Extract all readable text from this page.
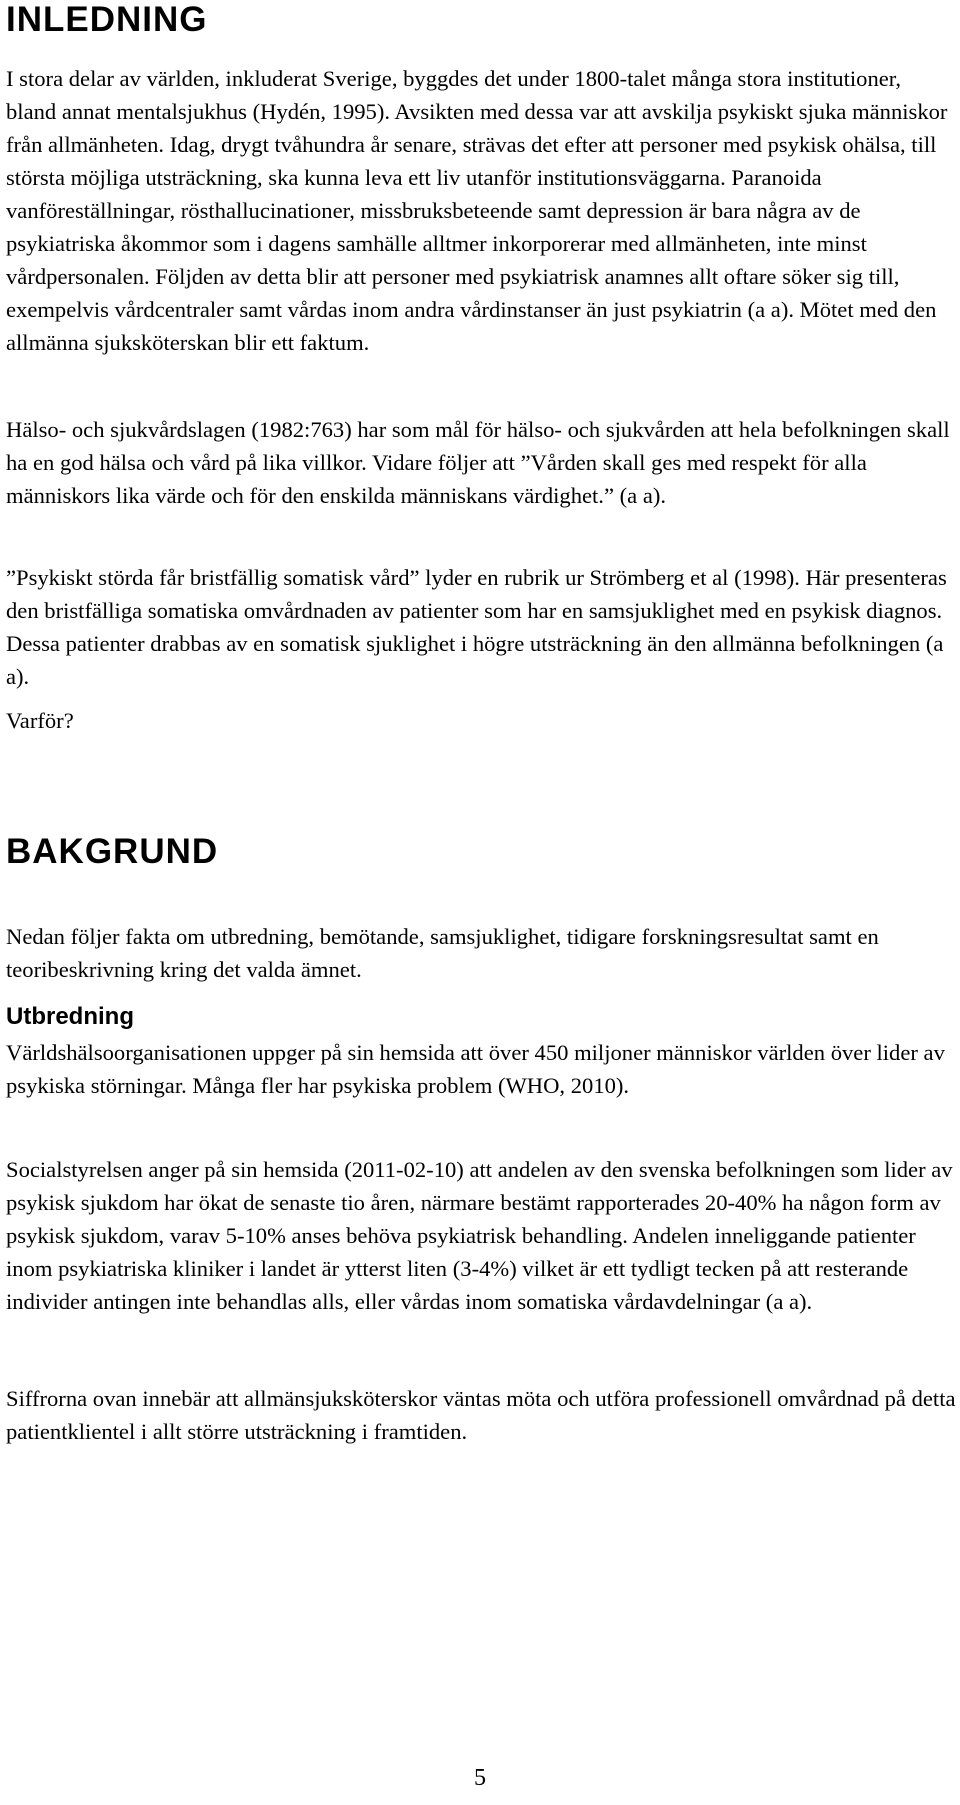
INLEDNING

I stora delar av världen, inkluderat Sverige, byggdes det under 1800-talet många stora institutioner, bland annat mentalsjukhus (Hydén, 1995). Avsikten med dessa var att avskilja psykiskt sjuka människor från allmänheten. Idag, drygt tvåhundra år senare, strävas det efter att personer med psykisk ohälsa, till största möjliga utsträckning, ska kunna leva ett liv utanför institutionsväggarna. Paranoida vanföreställningar, rösthallucinationer, missbruksbeteende samt depression är bara några av de psykiatriska åkommor som i dagens samhälle alltmer inkorporerar med allmänheten, inte minst vårdpersonalen. Följden av detta blir att personer med psykiatrisk anamnes allt oftare söker sig till, exempelvis vårdcentraler samt vårdas inom andra vårdinstanser än just psykiatrin (a a). Mötet med den allmänna sjuksköterskan blir ett faktum.

Hälso- och sjukvårdslagen (1982:763) har som mål för hälso- och sjukvården att hela befolkningen skall ha en god hälsa och vård på lika villkor. Vidare följer att ”Vården skall ges med respekt för alla människors lika värde och för den enskilda människans värdighet.” (a a).

”Psykiskt störda får bristfällig somatisk vård” lyder en rubrik ur Strömberg et al (1998). Här presenteras den bristfälliga somatiska omvårdnaden av patienter som har en samsjuklighet med en psykisk diagnos. Dessa patienter drabbas av en somatisk sjuklighet i högre utsträckning än den allmänna befolkningen (a a).

Varför?

BAKGRUND

Nedan följer fakta om utbredning, bemötande, samsjuklighet, tidigare forskningsresultat samt en teoribeskrivning kring det valda ämnet.

Utbredning

Världshälsoorganisationen uppger på sin hemsida att över 450 miljoner människor världen över lider av psykiska störningar. Många fler har psykiska problem (WHO, 2010).

Socialstyrelsen anger på sin hemsida (2011-02-10) att andelen av den svenska befolkningen som lider av psykisk sjukdom har ökat de senaste tio åren, närmare bestämt rapporterades 20-40% ha någon form av psykisk sjukdom, varav 5-10% anses behöva psykiatrisk behandling. Andelen inneliggande patienter inom psykiatriska kliniker i landet är ytterst liten (3-4%) vilket är ett tydligt tecken på att resterande individer antingen inte behandlas alls, eller vårdas inom somatiska vårdavdelningar (a a).

Siffrorna ovan innebär att allmänsjuksköterskor väntas möta och utföra professionell omvårdnad på detta patientklientel i allt större utsträckning i framtiden.

5
